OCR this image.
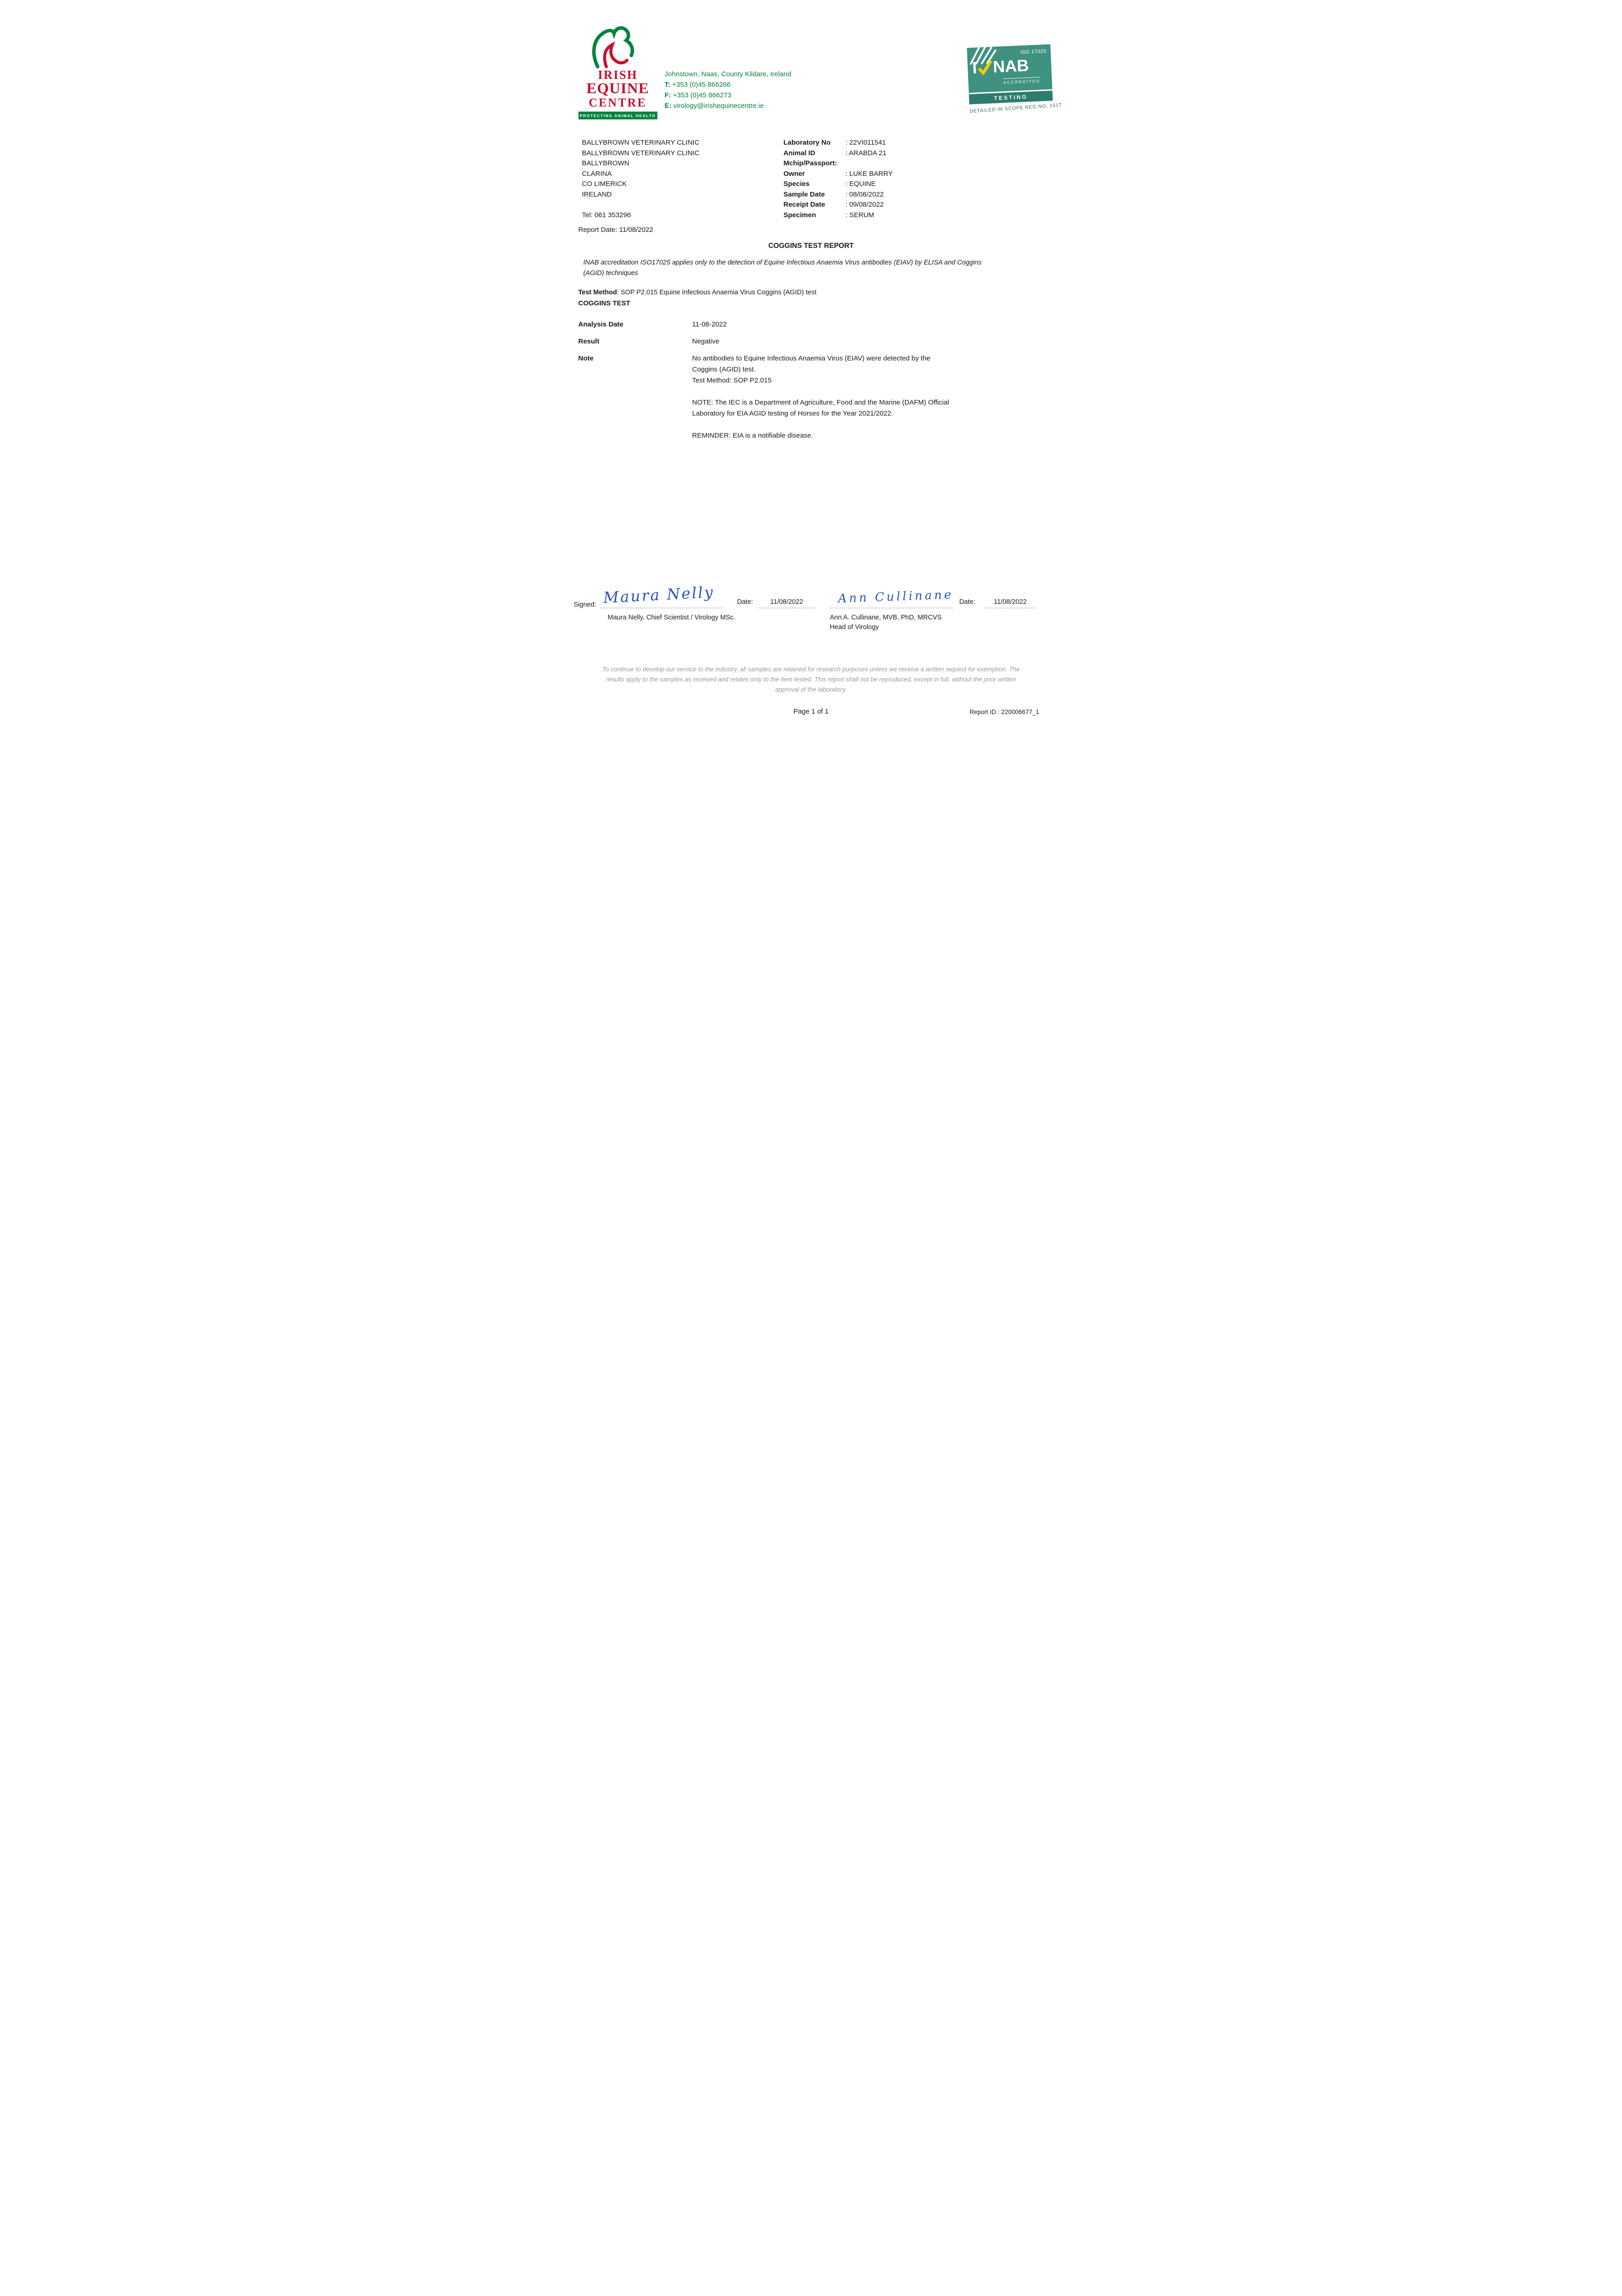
IRISH
EQUINE
CENTRE
PROTECTING ANIMAL HEALTH
Johnstown, Naas, County Kildare, Ireland
T: +353 (0)45 866266
F: +353 (0)45 866273
E: virology@irishequinecentre.ie
ISO 17025
I NAB
ACCREDITED
TESTING
DETAILED IN SCOPE REG NO. 151T
BALLYBROWN VETERINARY CLINIC
BALLYBROWN VETERINARY CLINIC
BALLYBROWN
CLARINA
CO LIMERICK
IRELAND
Tel: 061 353296
Report Date: 11/08/2022
Laboratory No	: 22VI011541
Animal ID	: ARABDA 21
Mchip/Passport:
Owner	: LUKE BARRY
Species	: EQUINE
Sample Date	: 08/08/2022
Receipt Date	: 09/08/2022
Specimen	: SERUM
COGGINS TEST REPORT

INAB accreditation ISO17025 applies only to the detection of Equine Infectious Anaemia Virus antibodies (EIAV) by ELISA and Coggins (AGID) techniques

Test Method: SOP P2.015 Equine Infectious Anaemia Virus Coggins (AGID) test
COGGINS TEST
Analysis Date	11-08-2022
Result	Negative
Note	No antibodies to Equine Infectious Anaemia Virus (EIAV) were detected by the Coggins (AGID) test.

Test Method: SOP P2.015

NOTE: The IEC is a Department of Agriculture, Food and the Marine (DAFM) Official Laboratory for EIA AGID testing of Horses for the Year 2021/2022.

REMINDER: EIA is a notifiable disease.

Signed: Maura Nelly	Date:	11/08/2022	Ann Cullinane Date:	11/08/2022
Maura Nelly, Chief Scientist / Virology MSc.	Ann A. Cullinane, MVB, PhD, MRCVS
Head of Virology

To continue to develop our service to the industry, all samples are retained for research purposes unless we receive a written request for exemption. The results apply to the samples as received and relates only to the item tested. This report shall not be reproduced, except in full, without the prior written approval of the laboratory.

Page 1 of 1	Report ID : 220006677_1
